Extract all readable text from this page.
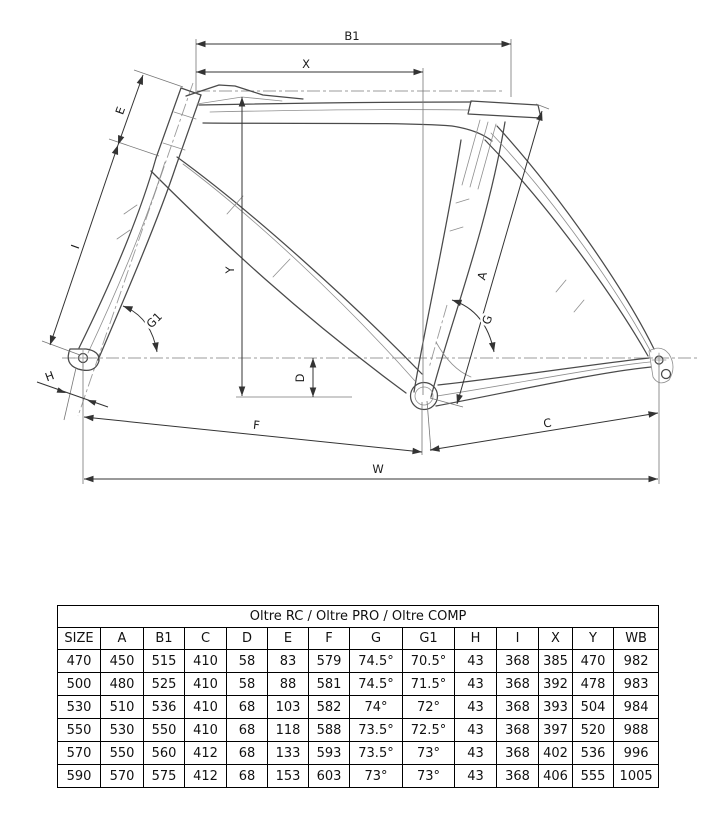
B1
X
E
I
Y
D
G1
H
F
W
A
G
C
Oltre RC / Oltre PRO / Oltre COMP													
SIZE	A	B1	C	D	E	F	G	G1	H	I	X	Y	WB
470	450	515	410	58	83	579	74.5°	70.5°	43	368	385	470	982
500	480	525	410	58	88	581	74.5°	71.5°	43	368	392	478	983
530	510	536	410	68	103	582	74°	72°	43	368	393	504	984
550	530	550	410	68	118	588	73.5°	72.5°	43	368	397	520	988
570	550	560	412	68	133	593	73.5°	73°	43	368	402	536	996
590	570	575	412	68	153	603	73°	73°	43	368	406	555	1005
